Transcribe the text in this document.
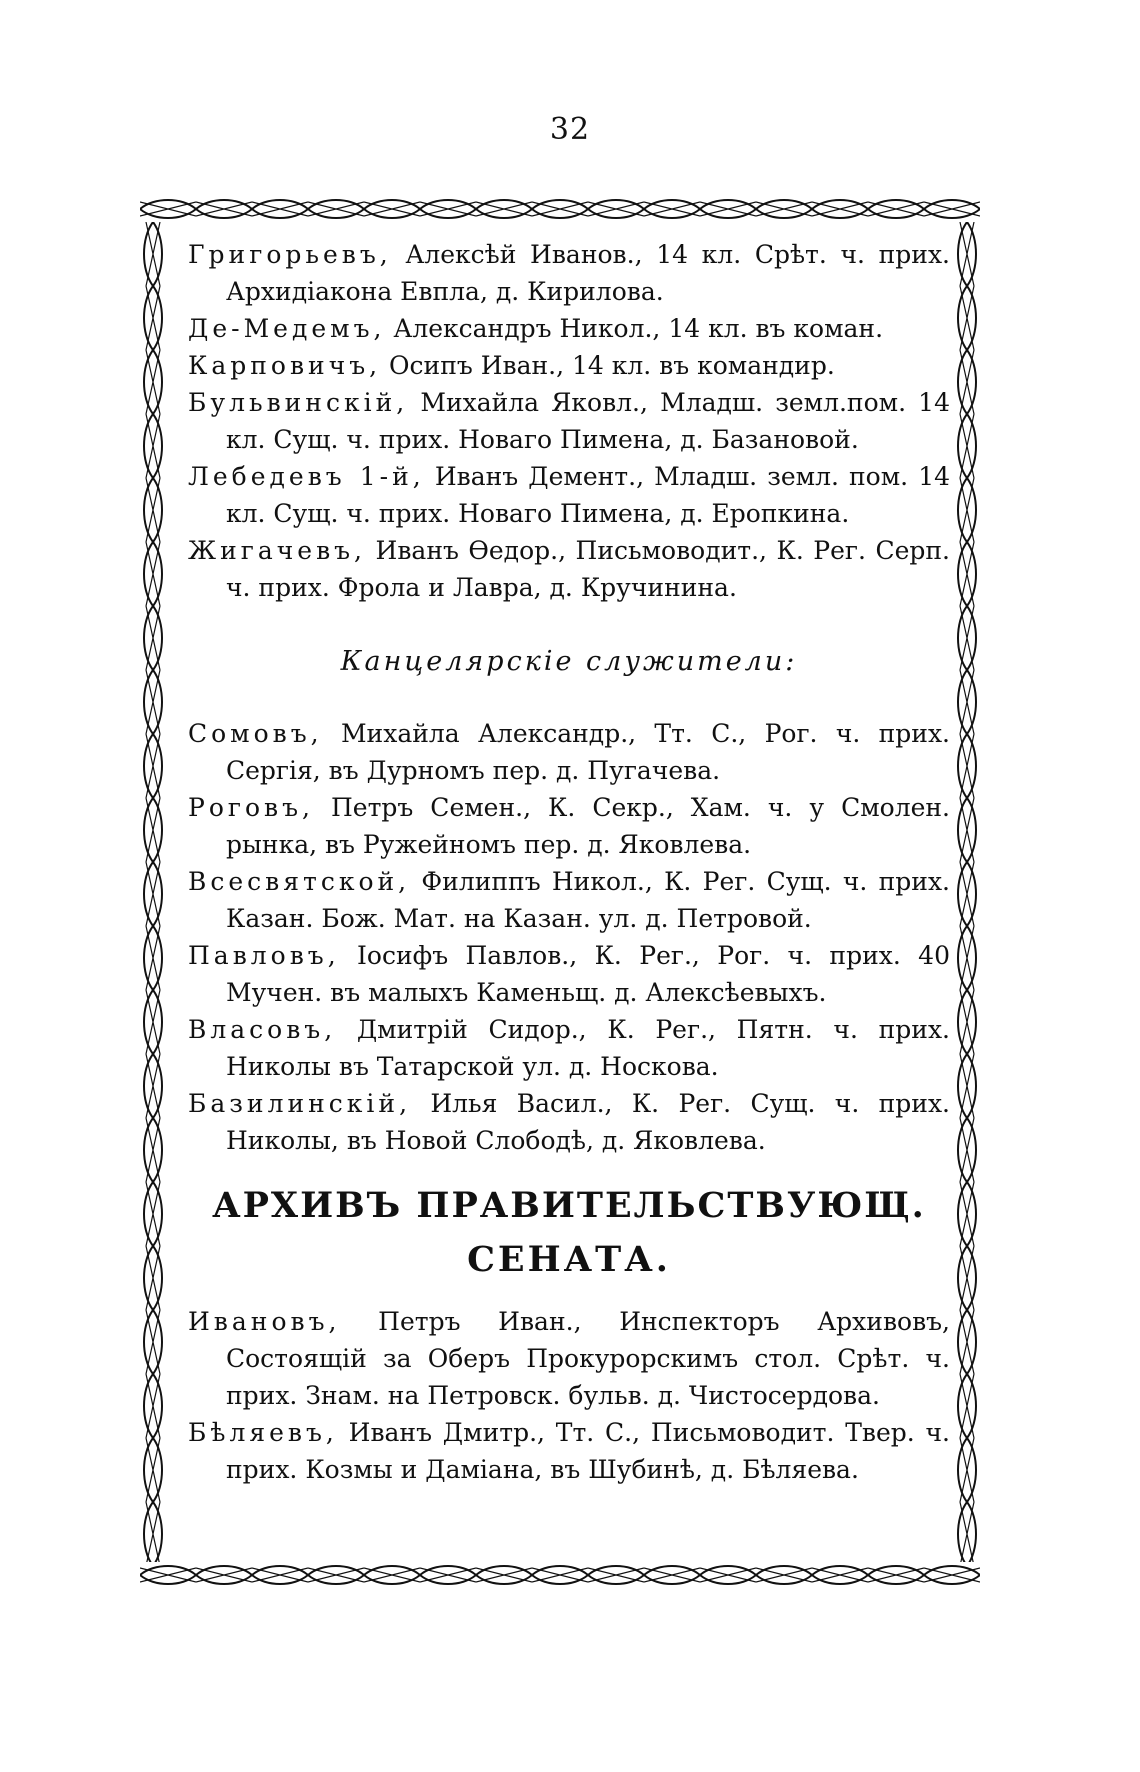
32

Григорьевъ, Алексѣй Иванов., 14 кл. Срѣт. ч. прих. Архидіакона Евпла, д. Кирилова.

Де-Медемъ, Александръ Никол., 14 кл. въ коман.

Карповичъ, Осипъ Иван., 14 кл. въ командир.

Бульвинскій, Михайла Яковл., Младш. земл.пом. 14 кл. Сущ. ч. прих. Новаго Пимена, д. Базановой.

Лебедевъ 1-й, Иванъ Демент., Младш. земл. пом. 14 кл. Сущ. ч. прих. Новаго Пимена, д. Еропкина.

Жигачевъ, Иванъ Ѳедор., Письмоводит., К. Рег. Серп. ч. прих. Фрола и Лавра, д. Кручинина.

Канцелярскіе служители:

Сомовъ, Михайла Александр., Тт. С., Рог. ч. прих. Сергія, въ Дурномъ пер. д. Пугачева.

Роговъ, Петръ Семен., К. Секр., Хам. ч. у Смолен. рынка, въ Ружейномъ пер. д. Яковлева.

Всесвятской, Филиппъ Никол., К. Рег. Сущ. ч. прих. Казан. Бож. Мат. на Казан. ул. д. Петровой.

Павловъ, Іосифъ Павлов., К. Рег., Рог. ч. прих. 40 Мучен. въ малыхъ Каменьщ. д. Алексѣевыхъ.

Власовъ, Дмитрій Сидор., К. Рег., Пятн. ч. прих. Николы въ Татарской ул. д. Носкова.

Базилинскій, Илья Васил., К. Рег. Сущ. ч. прих. Николы, въ Новой Слободѣ, д. Яковлева.

АРХИВЪ ПРАВИТЕЛЬСТВУЮЩ.
СЕНАТА.

Ивановъ, Петръ Иван., Инспекторъ Архивовъ, Состоящій за Оберъ Прокурорскимъ стол. Срѣт. ч. прих. Знам. на Петровск. бульв. д. Чистосердова.

Бѣляевъ, Иванъ Дмитр., Тт. С., Письмоводит. Твер. ч. прих. Козмы и Даміана, въ Шубинѣ, д. Бѣляева.
